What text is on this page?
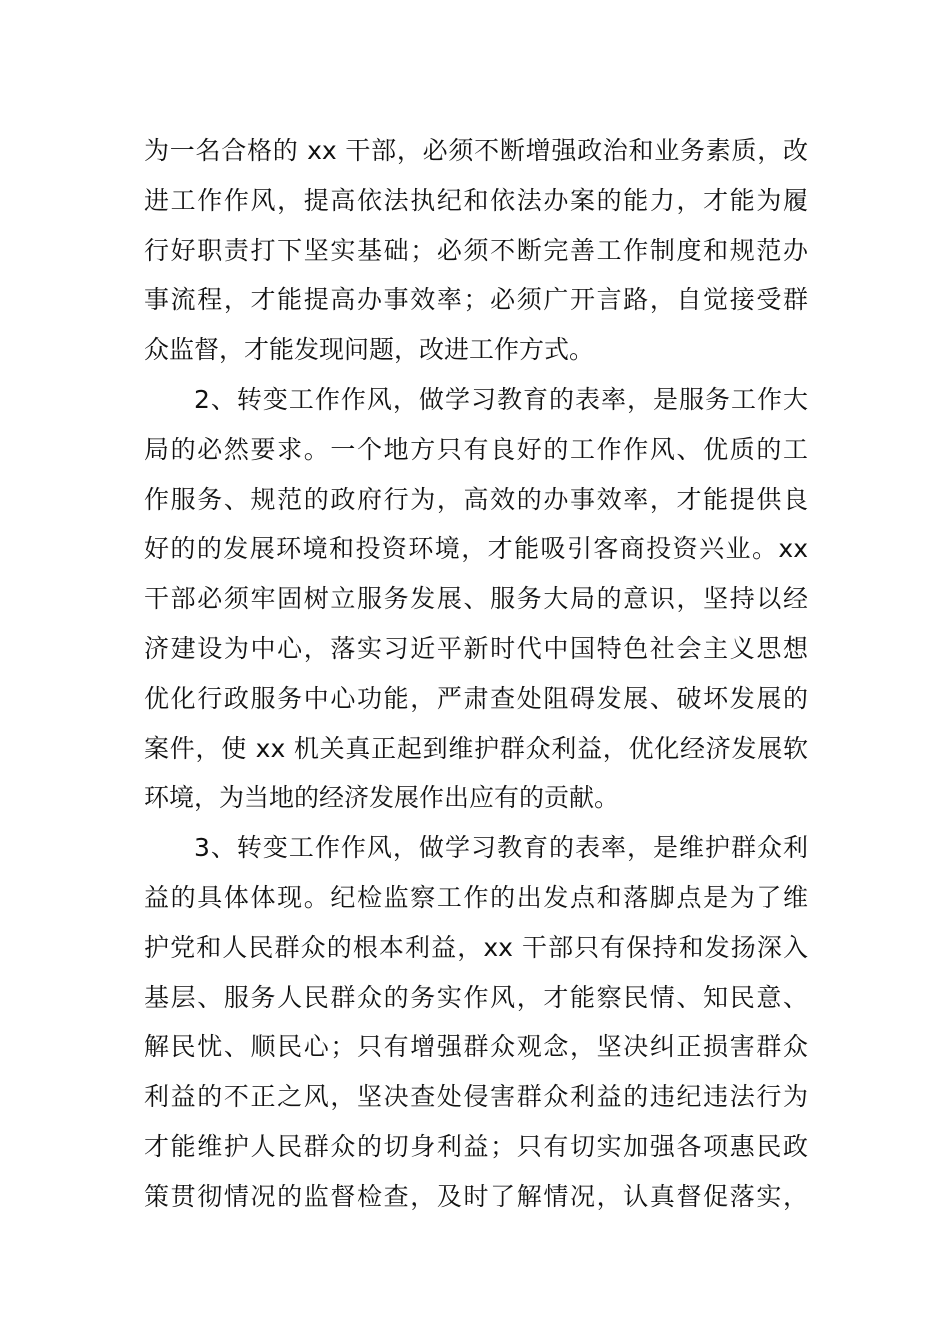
为一名合格的 xx 干部，必须不断增强政治和业务素质，改
进工作作风，提高依法执纪和依法办案的能力，才能为履
行好职责打下坚实基础；必须不断完善工作制度和规范办
事流程，才能提高办事效率；必须广开言路，自觉接受群
众监督，才能发现问题，改进工作方式。
2、转变工作作风，做学习教育的表率，是服务工作大
局的必然要求。一个地方只有良好的工作作风、优质的工
作服务、规范的政府行为，高效的办事效率，才能提供良
好的的发展环境和投资环境，才能吸引客商投资兴业。xx
干部必须牢固树立服务发展、服务大局的意识，坚持以经
济建设为中心，落实习近平新时代中国特色社会主义思想
优化行政服务中心功能，严肃查处阻碍发展、破坏发展的
案件，使 xx 机关真正起到维护群众利益，优化经济发展软
环境，为当地的经济发展作出应有的贡献。
3、转变工作作风，做学习教育的表率，是维护群众利
益的具体体现。纪检监察工作的出发点和落脚点是为了维
护党和人民群众的根本利益，xx 干部只有保持和发扬深入
基层、服务人民群众的务实作风，才能察民情、知民意、
解民忧、顺民心；只有增强群众观念，坚决纠正损害群众
利益的不正之风，坚决查处侵害群众利益的违纪违法行为
才能维护人民群众的切身利益；只有切实加强各项惠民政
策贯彻情况的监督检查，及时了解情况，认真督促落实，
